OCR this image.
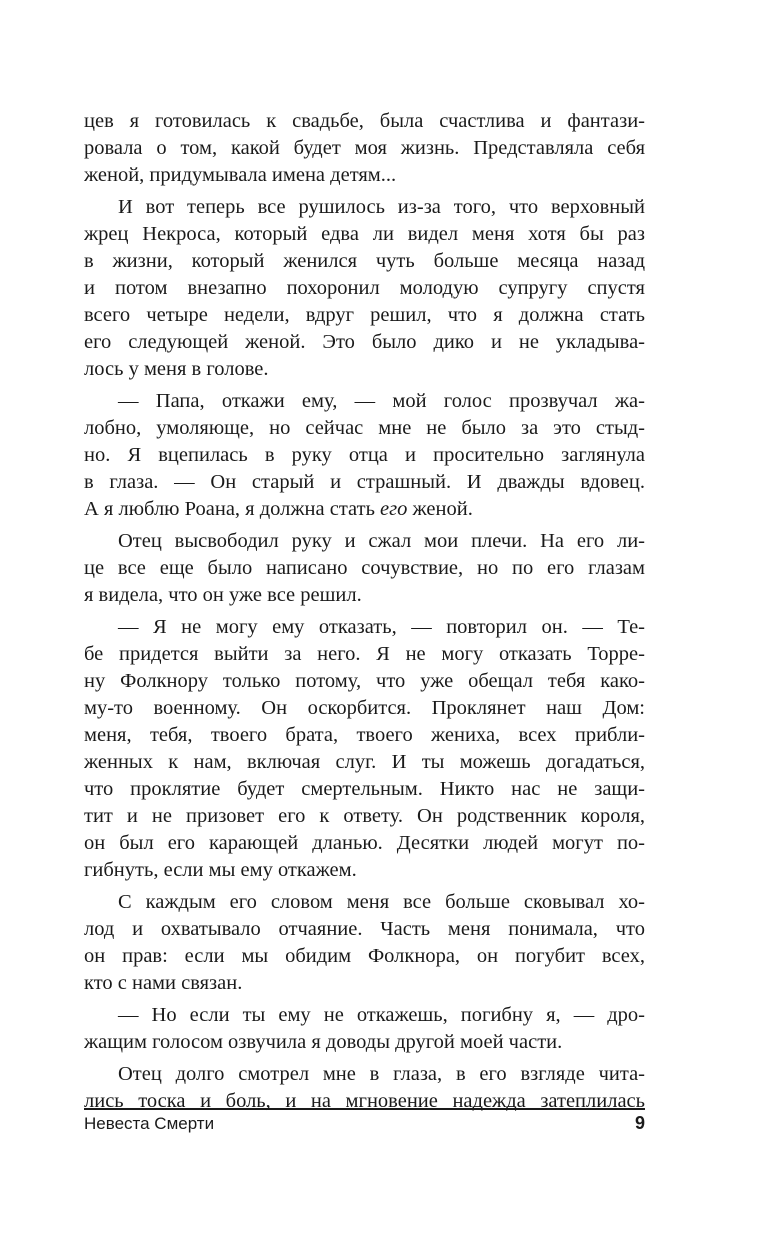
цев я готовилась к свадьбе, была счастлива и фантази-
ровала о том, какой будет моя жизнь. Представляла себя
женой, придумывала имена детям...
И вот теперь все рушилось из-за того, что верховный
жрец Некроса, который едва ли видел меня хотя бы раз
в жизни, который женился чуть больше месяца назад
и потом внезапно похоронил молодую супругу спустя
всего четыре недели, вдруг решил, что я должна стать
его следующей женой. Это было дико и не укладыва-
лось у меня в голове.
— Папа, откажи ему, — мой голос прозвучал жа-
лобно, умоляюще, но сейчас мне не было за это стыд-
но. Я вцепилась в руку отца и просительно заглянула
в глаза. — Он старый и страшный. И дважды вдовец.
А я люблю Роана, я должна стать его женой.
Отец высвободил руку и сжал мои плечи. На его ли-
це все еще было написано сочувствие, но по его глазам
я видела, что он уже все решил.
— Я не могу ему отказать, — повторил он. — Те-
бе придется выйти за него. Я не могу отказать Торре-
ну Фолкнору только потому, что уже обещал тебя како-
му-то военному. Он оскорбится. Проклянет наш Дом:
меня, тебя, твоего брата, твоего жениха, всех прибли-
женных к нам, включая слуг. И ты можешь догадаться,
что проклятие будет смертельным. Никто нас не защи-
тит и не призовет его к ответу. Он родственник короля,
он был его карающей дланью. Десятки людей могут по-
гибнуть, если мы ему откажем.
С каждым его словом меня все больше сковывал хо-
лод и охватывало отчаяние. Часть меня понимала, что
он прав: если мы обидим Фолкнора, он погубит всех,
кто с нами связан.
— Но если ты ему не откажешь, погибну я, — дро-
жащим голосом озвучила я доводы другой моей части.
Отец долго смотрел мне в глаза, в его взгляде чита-
лись тоска и боль, и на мгновение надежда затеплилась
Невеста Смерти	9
